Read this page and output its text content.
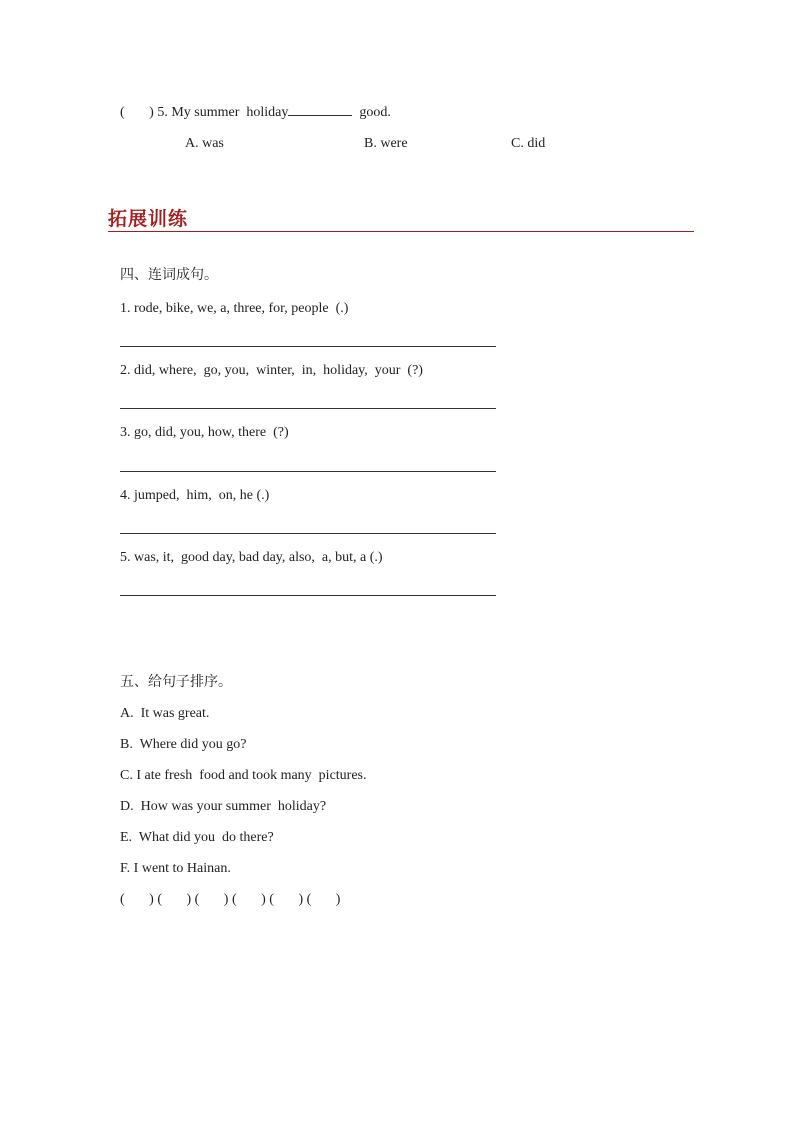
(       ) 5. My summer  holiday	good.
A. was	B. were	C. did
拓展训练
四、连词成句。
1. rode, bike, we, a, three, for, people  (.)
2. did, where,  go, you,  winter,  in,  holiday,  your  (?)
3. go, did, you, how, there  (?)
4. jumped,  him,  on, he (.)
5. was, it,  good day, bad day, also,  a, but, a (.)
五、给句子排序。
A.  It was great.
B.  Where did you go?
C. I ate fresh  food and took many  pictures.
D.  How was your summer  holiday?
E.  What did you  do there?
F. I went to Hainan.
(       ) (       ) (       ) (       ) (       ) (       )
